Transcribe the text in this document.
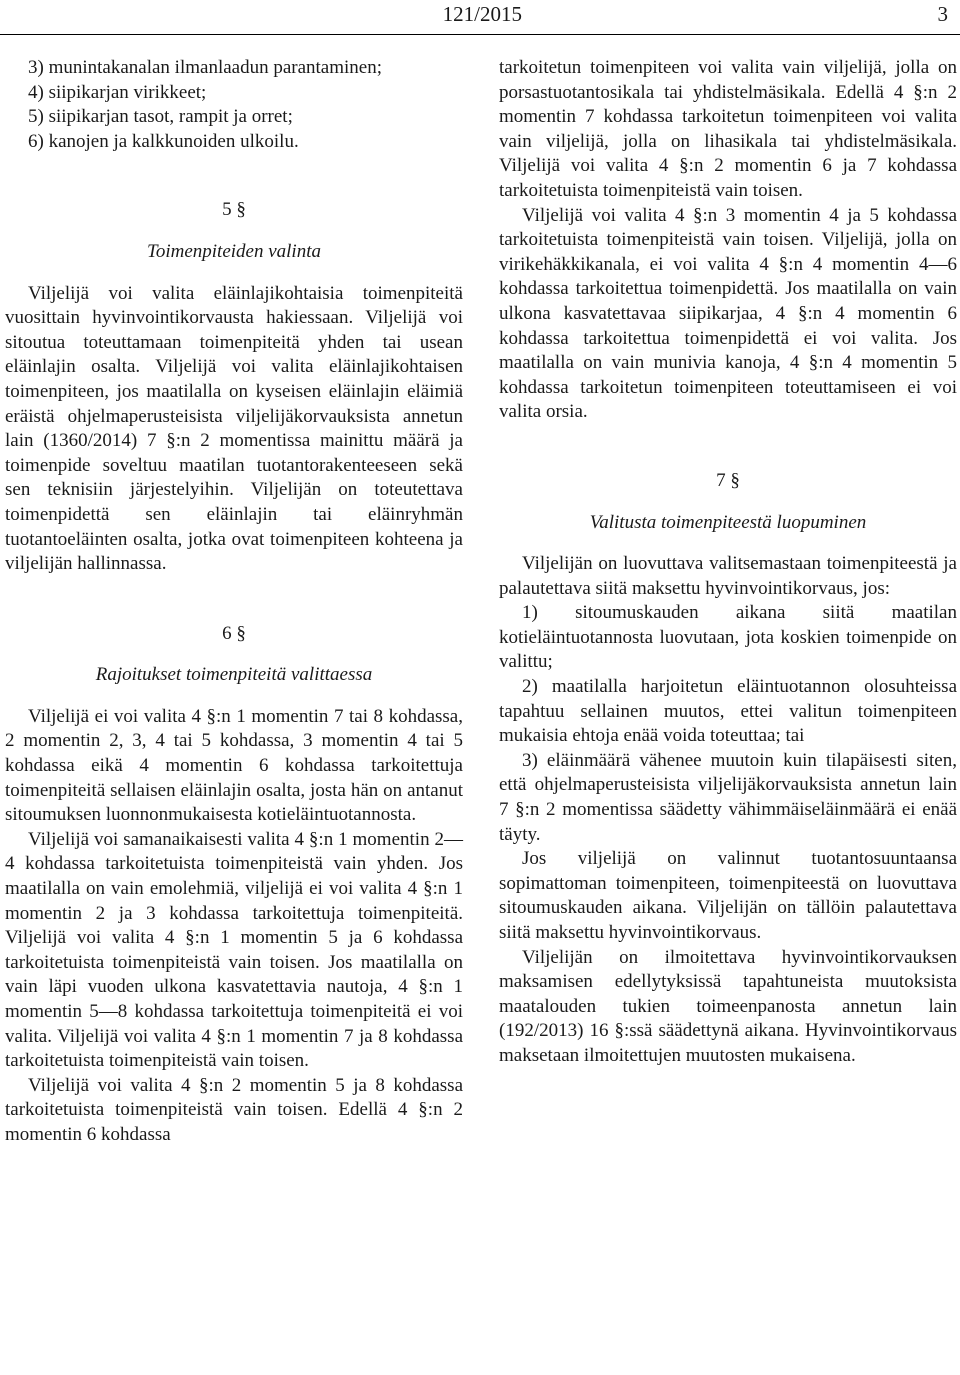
121/2015	3

3) munintakanalan ilmanlaadun parantaminen;

4) siipikarjan virikkeet;

5) siipikarjan tasot, rampit ja orret;

6) kanojen ja kalkkunoiden ulkoilu.

5 §
Toimenpiteiden valinta

Viljelijä voi valita eläinlajikohtaisia toimenpiteitä vuosittain hyvinvointikorvausta hakiessaan. Viljelijä voi sitoutua toteuttamaan toimenpiteitä yhden tai usean eläinlajin osalta. Viljelijä voi valita eläinlajikohtaisen toimenpiteen, jos maatilalla on kyseisen eläinlajin eläimiä eräistä ohjelmaperusteisista viljelijäkorvauksista annetun lain (1360/2014) 7 §:n 2 momentissa mainittu määrä ja toimenpide soveltuu maatilan tuotantorakenteeseen sekä sen teknisiin järjestelyihin. Viljelijän on toteutettava toimenpidettä sen eläinlajin tai eläinryhmän tuotantoeläinten osalta, jotka ovat toimenpiteen kohteena ja viljelijän hallinnassa.

6 §
Rajoitukset toimenpiteitä valittaessa

Viljelijä ei voi valita 4 §:n 1 momentin 7 tai 8 kohdassa, 2 momentin 2, 3, 4 tai 5 kohdassa, 3 momentin 4 tai 5 kohdassa eikä 4 momentin 6 kohdassa tarkoitettuja toimenpiteitä sellaisen eläinlajin osalta, josta hän on antanut sitoumuksen luonnonmukaisesta kotieläintuotannosta.

Viljelijä voi samanaikaisesti valita 4 §:n 1 momentin 2—4 kohdassa tarkoitetuista toimenpiteistä vain yhden. Jos maatilalla on vain emolehmiä, viljelijä ei voi valita 4 §:n 1 momentin 2 ja 3 kohdassa tarkoitettuja toimenpiteitä. Viljelijä voi valita 4 §:n 1 momentin 5 ja 6 kohdassa tarkoitetuista toimenpiteistä vain toisen. Jos maatilalla on vain läpi vuoden ulkona kasvatettavia nautoja, 4 §:n 1 momentin 5—8 kohdassa tarkoitettuja toimenpiteitä ei voi valita. Viljelijä voi valita 4 §:n 1 momentin 7 ja 8 kohdassa tarkoitetuista toimenpiteistä vain toisen.

Viljelijä voi valita 4 §:n 2 momentin 5 ja 8 kohdassa tarkoitetuista toimenpiteistä vain toisen. Edellä 4 §:n 2 momentin 6 kohdassa

tarkoitetun toimenpiteen voi valita vain viljelijä, jolla on porsastuotantosikala tai yhdistelmäsikala. Edellä 4 §:n 2 momentin 7 kohdassa tarkoitetun toimenpiteen voi valita vain viljelijä, jolla on lihasikala tai yhdistelmäsikala. Viljelijä voi valita 4 §:n 2 momentin 6 ja 7 kohdassa tarkoitetuista toimenpiteistä vain toisen.

Viljelijä voi valita 4 §:n 3 momentin 4 ja 5 kohdassa tarkoitetuista toimenpiteistä vain toisen. Viljelijä, jolla on virikehäkkikanala, ei voi valita 4 §:n 4 momentin 4—6 kohdassa tarkoitettua toimenpidettä. Jos maatilalla on vain ulkona kasvatettavaa siipikarjaa, 4 §:n 4 momentin 6 kohdassa tarkoitettua toimenpidettä ei voi valita. Jos maatilalla on vain munivia kanoja, 4 §:n 4 momentin 5 kohdassa tarkoitetun toimenpiteen toteuttamiseen ei voi valita orsia.

7 §
Valitusta toimenpiteestä luopuminen

Viljelijän on luovuttava valitsemastaan toimenpiteestä ja palautettava siitä maksettu hyvinvointikorvaus, jos:

1) sitoumuskauden aikana siitä maatilan kotieläintuotannosta luovutaan, jota koskien toimenpide on valittu;

2) maatilalla harjoitetun eläintuotannon olosuhteissa tapahtuu sellainen muutos, ettei valitun toimenpiteen mukaisia ehtoja enää voida toteuttaa; tai

3) eläinmäärä vähenee muutoin kuin tilapäisesti siten, että ohjelmaperusteisista viljelijäkorvauksista annetun lain 7 §:n 2 momentissa säädetty vähimmäiseläinmäärä ei enää täyty.

Jos viljelijä on valinnut tuotantosuuntaansa sopimattoman toimenpiteen, toimenpiteestä on luovuttava sitoumuskauden aikana. Viljelijän on tällöin palautettava siitä maksettu hyvinvointikorvaus.

Viljelijän on ilmoitettava hyvinvointikorvauksen maksamisen edellytyksissä tapahtuneista muutoksista maatalouden tukien toimeenpanosta annetun lain (192/2013) 16 §:ssä säädettynä aikana. Hyvinvointikorvaus maksetaan ilmoitettujen muutosten mukaisena.
